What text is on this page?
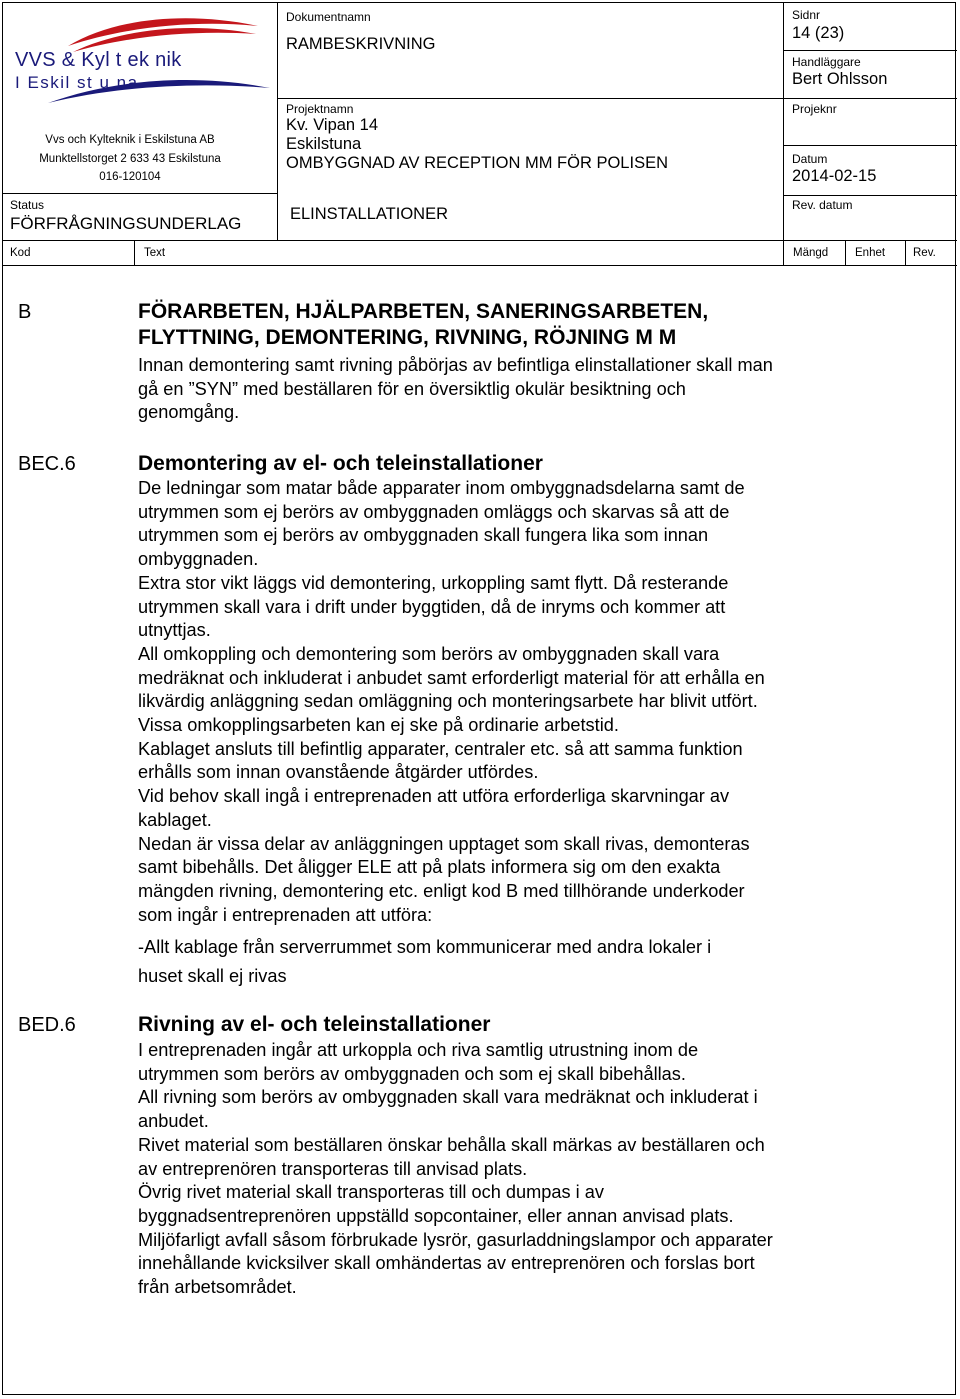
VVS & Kyl t ek nik
I Eskil st u na
Vvs och Kylteknik i Eskilstuna AB
Munktellstorget 2 633 43 Eskilstuna
016-120104
Status
FÖRFRÅGNINGSUNDERLAG
Dokumentnamn
RAMBESKRIVNING
Projektnamn
Kv. Vipan 14
Eskilstuna
OMBYGGNAD AV RECEPTION MM FÖR POLISEN
ELINSTALLATIONER
Sidnr
14 (23)
Handläggare
Bert Ohlsson
Projeknr
Datum
2014-02-15
Rev. datum
Kod	Text	Mängd Enhet Rev.
B	FÖRARBETEN, HJÄLPARBETEN, SANERINGSARBETEN,
FLYTTNING, DEMONTERING, RIVNING, RÖJNING M M

Innan demontering samt rivning påbörjas av befintliga elinstallationer skall man

gå en ”SYN” med beställaren för en översiktlig okulär besiktning och

genomgång.

BEC.6	Demontering av el- och teleinstallationer

De ledningar som matar både apparater inom ombyggnadsdelarna samt de

utrymmen som ej berörs av ombyggnaden omläggs och skarvas så att de

utrymmen som ej berörs av ombyggnaden skall fungera lika som innan

ombyggnaden.

Extra stor vikt läggs vid demontering, urkoppling samt flytt. Då resterande

utrymmen skall vara i drift under byggtiden, då de inryms och kommer att

utnyttjas.

All omkoppling och demontering som berörs av ombyggnaden skall vara

medräknat och inkluderat i anbudet samt erforderligt material för att erhålla en

likvärdig anläggning sedan omläggning och monteringsarbete har blivit utfört.

Vissa omkopplingsarbeten kan ej ske på ordinarie arbetstid.

Kablaget ansluts till befintlig apparater, centraler etc. så att samma funktion

erhålls som innan ovanstående åtgärder utfördes.

Vid behov skall ingå i entreprenaden att utföra erforderliga skarvningar av

kablaget.

Nedan är vissa delar av anläggningen upptaget som skall rivas, demonteras

samt bibehålls. Det åligger ELE att på plats informera sig om den exakta

mängden rivning, demontering etc. enligt kod B med tillhörande underkoder

som ingår i entreprenaden att utföra:

-Allt kablage från serverrummet som kommunicerar med andra lokaler i

huset skall ej rivas

BED.6	Rivning av el- och teleinstallationer

I entreprenaden ingår att urkoppla och riva samtlig utrustning inom de

utrymmen som berörs av ombyggnaden och som ej skall bibehållas.

All rivning som berörs av ombyggnaden skall vara medräknat och inkluderat i

anbudet.

Rivet material som beställaren önskar behålla skall märkas av beställaren och

av entreprenören transporteras till anvisad plats.

Övrig rivet material skall transporteras till och dumpas i av

byggnadsentreprenören uppställd sopcontainer, eller annan anvisad plats.

Miljöfarligt avfall såsom förbrukade lysrör, gasurladdningslampor och apparater

innehållande kvicksilver skall omhändertas av entreprenören och forslas bort

från arbetsområdet.
